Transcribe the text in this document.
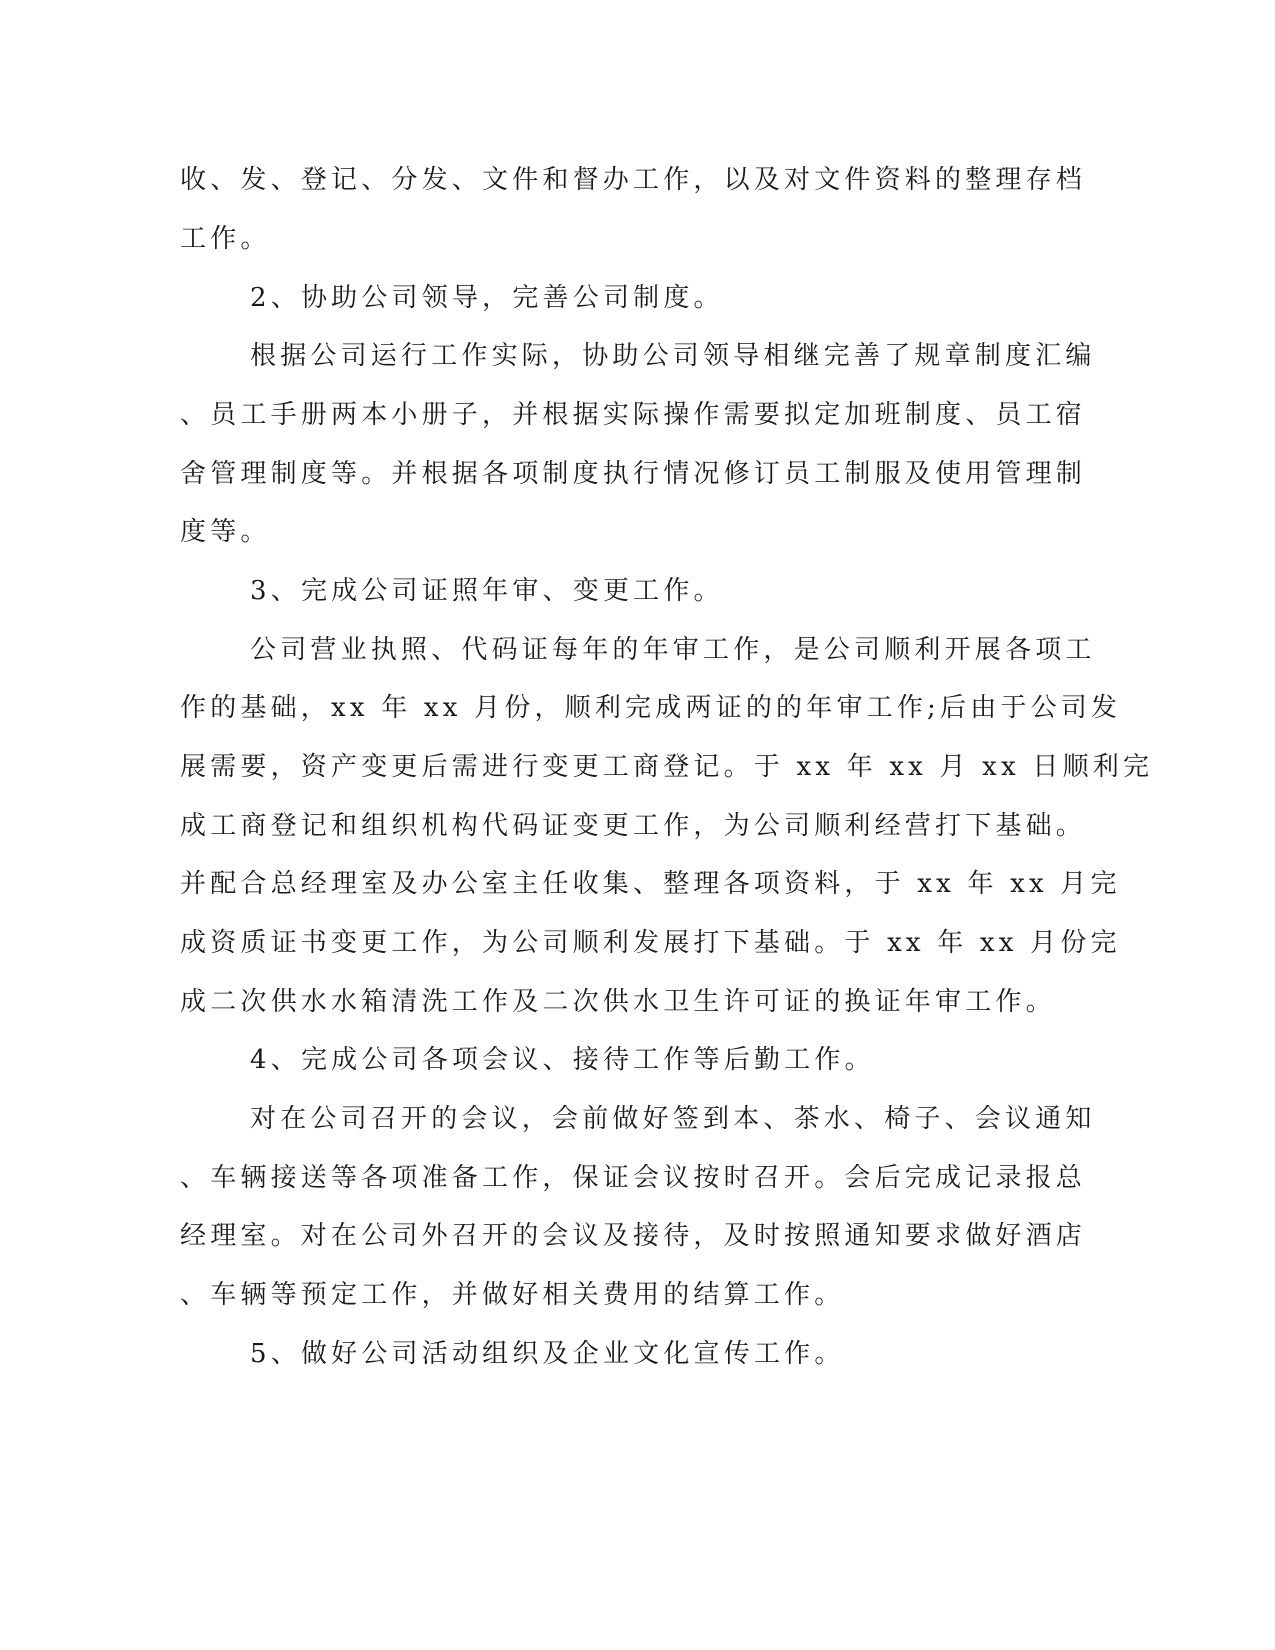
收、发、登记、分发、文件和督办工作，以及对文件资料的整理存档
工作。
2、协助公司领导，完善公司制度。
根据公司运行工作实际，协助公司领导相继完善了规章制度汇编
、员工手册两本小册子，并根据实际操作需要拟定加班制度、员工宿
舍管理制度等。并根据各项制度执行情况修订员工制服及使用管理制
度等。
3、完成公司证照年审、变更工作。
公司营业执照、代码证每年的年审工作，是公司顺利开展各项工
作的基础，xx 年 xx 月份，顺利完成两证的的年审工作;后由于公司发
展需要，资产变更后需进行变更工商登记。于 xx 年 xx 月 xx 日顺利完
成工商登记和组织机构代码证变更工作，为公司顺利经营打下基础。
并配合总经理室及办公室主任收集、整理各项资料，于 xx 年 xx 月完
成资质证书变更工作，为公司顺利发展打下基础。于 xx 年 xx 月份完
成二次供水水箱清洗工作及二次供水卫生许可证的换证年审工作。
4、完成公司各项会议、接待工作等后勤工作。
对在公司召开的会议，会前做好签到本、茶水、椅子、会议通知
、车辆接送等各项准备工作，保证会议按时召开。会后完成记录报总
经理室。对在公司外召开的会议及接待，及时按照通知要求做好酒店
、车辆等预定工作，并做好相关费用的结算工作。
5、做好公司活动组织及企业文化宣传工作。
